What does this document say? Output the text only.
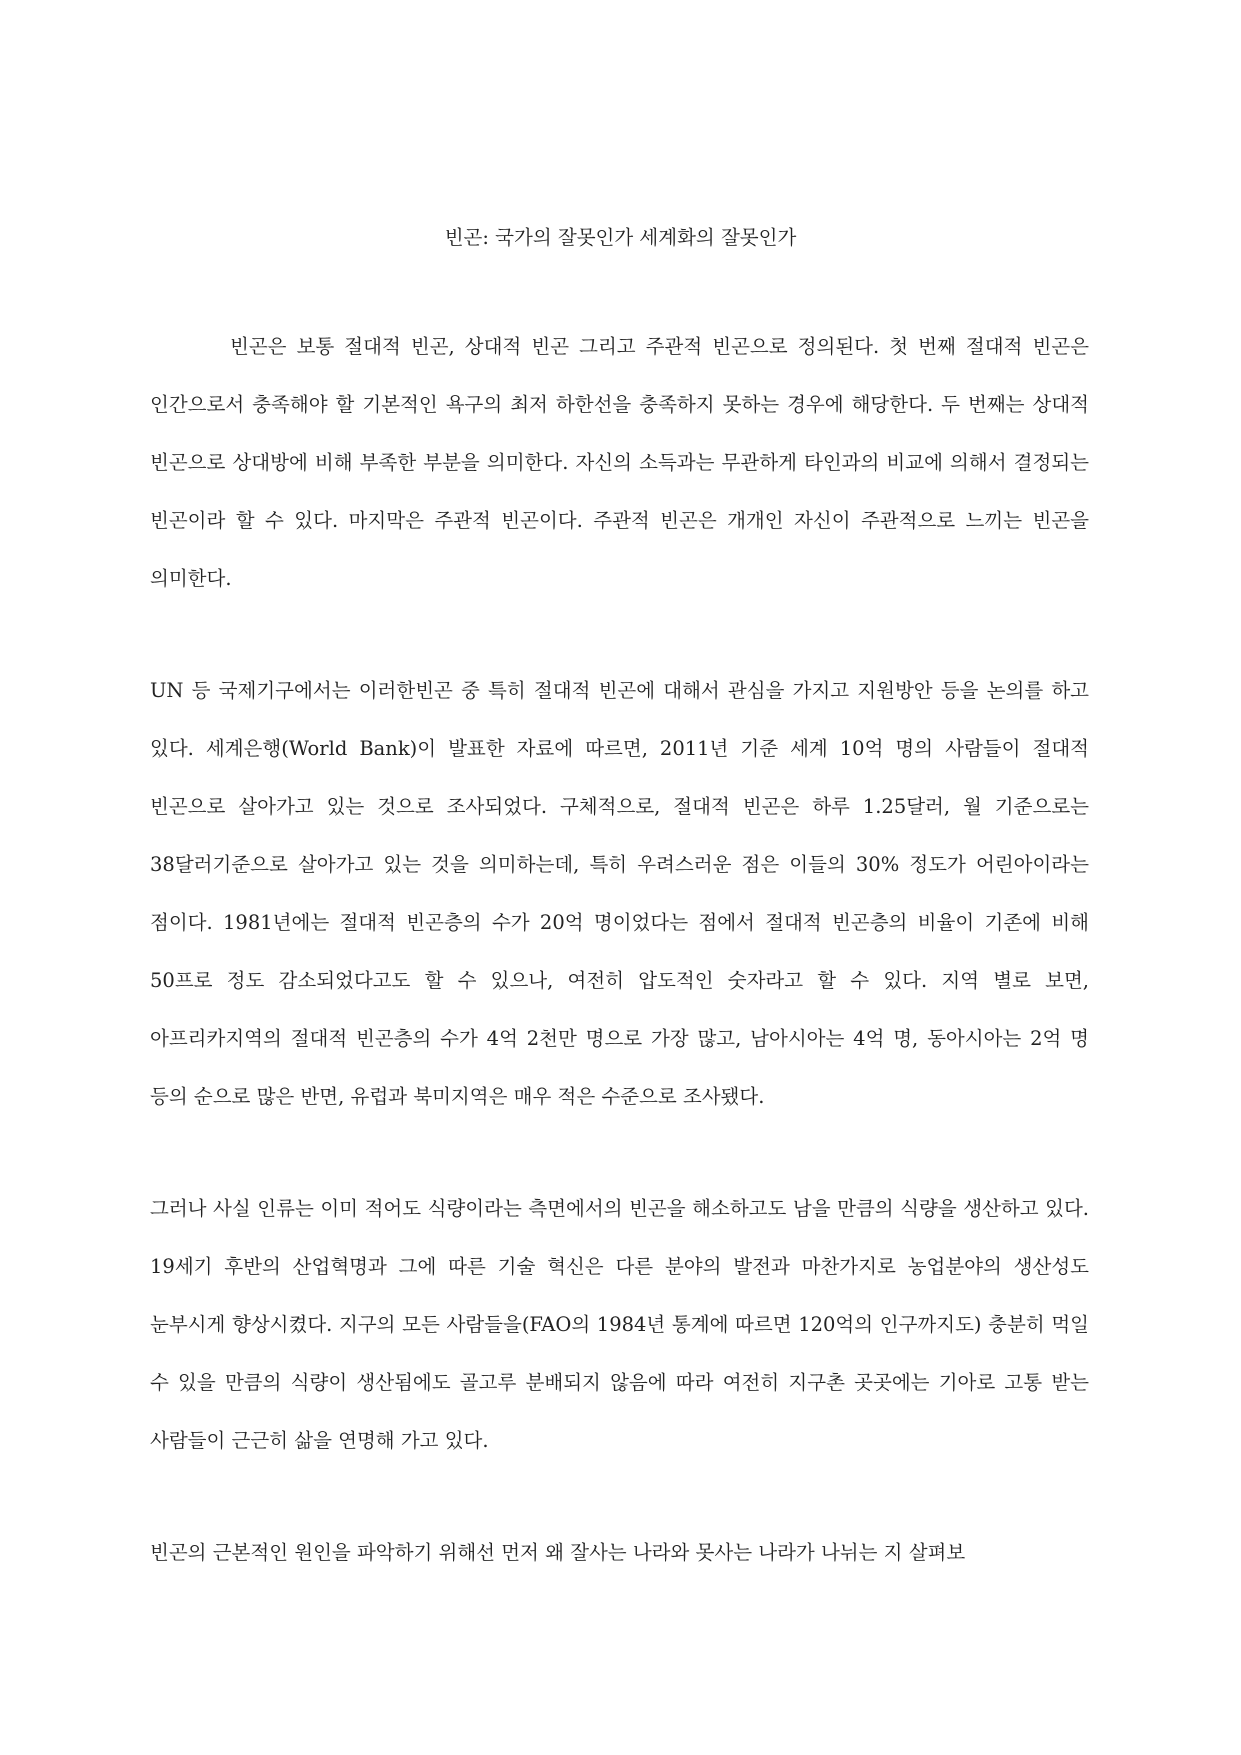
빈곤: 국가의 잘못인가 세계화의 잘못인가

빈곤은 보통 절대적 빈곤, 상대적 빈곤 그리고 주관적 빈곤으로 정의된다. 첫 번째 절대적 빈곤은 인간으로서 충족해야 할 기본적인 욕구의 최저 하한선을 충족하지 못하는 경우에 해당한다. 두 번째는 상대적 빈곤으로 상대방에 비해 부족한 부분을 의미한다. 자신의 소득과는 무관하게 타인과의 비교에 의해서 결정되는 빈곤이라 할 수 있다. 마지막은 주관적 빈곤이다. 주관적 빈곤은 개개인 자신이 주관적으로 느끼는 빈곤을 의미한다.

UN 등 국제기구에서는 이러한빈곤 중 특히 절대적 빈곤에 대해서 관심을 가지고 지원방안 등을 논의를 하고 있다. 세계은행(World Bank)이 발표한 자료에 따르면, 2011년 기준 세계 10억 명의 사람들이 절대적 빈곤으로 살아가고 있는 것으로 조사되었다. 구체적으로, 절대적 빈곤은 하루 1.25달러, 월 기준으로는 38달러기준으로 살아가고 있는 것을 의미하는데, 특히 우려스러운 점은 이들의 30% 정도가 어린아이라는 점이다. 1981년에는 절대적 빈곤층의 수가 20억 명이었다는 점에서 절대적 빈곤층의 비율이 기존에 비해 50프로 정도 감소되었다고도 할 수 있으나, 여전히 압도적인 숫자라고 할 수 있다. 지역 별로 보면, 아프리카지역의 절대적 빈곤층의 수가 4억 2천만 명으로 가장 많고, 남아시아는 4억 명, 동아시아는 2억 명 등의 순으로 많은 반면, 유럽과 북미지역은 매우 적은 수준으로 조사됐다.

그러나 사실 인류는 이미 적어도 식량이라는 측면에서의 빈곤을 해소하고도 남을 만큼의 식량을 생산하고 있다. 19세기 후반의 산업혁명과 그에 따른 기술 혁신은 다른 분야의 발전과 마찬가지로 농업분야의 생산성도 눈부시게 향상시켰다. 지구의 모든 사람들을(FAO의 1984년 통계에 따르면 120억의 인구까지도) 충분히 먹일 수 있을 만큼의 식량이 생산됨에도 골고루 분배되지 않음에 따라 여전히 지구촌 곳곳에는 기아로 고통 받는 사람들이 근근히 삶을 연명해 가고 있다.

빈곤의 근본적인 원인을 파악하기 위해선 먼저 왜 잘사는 나라와 못사는 나라가 나뉘는 지 살펴보
